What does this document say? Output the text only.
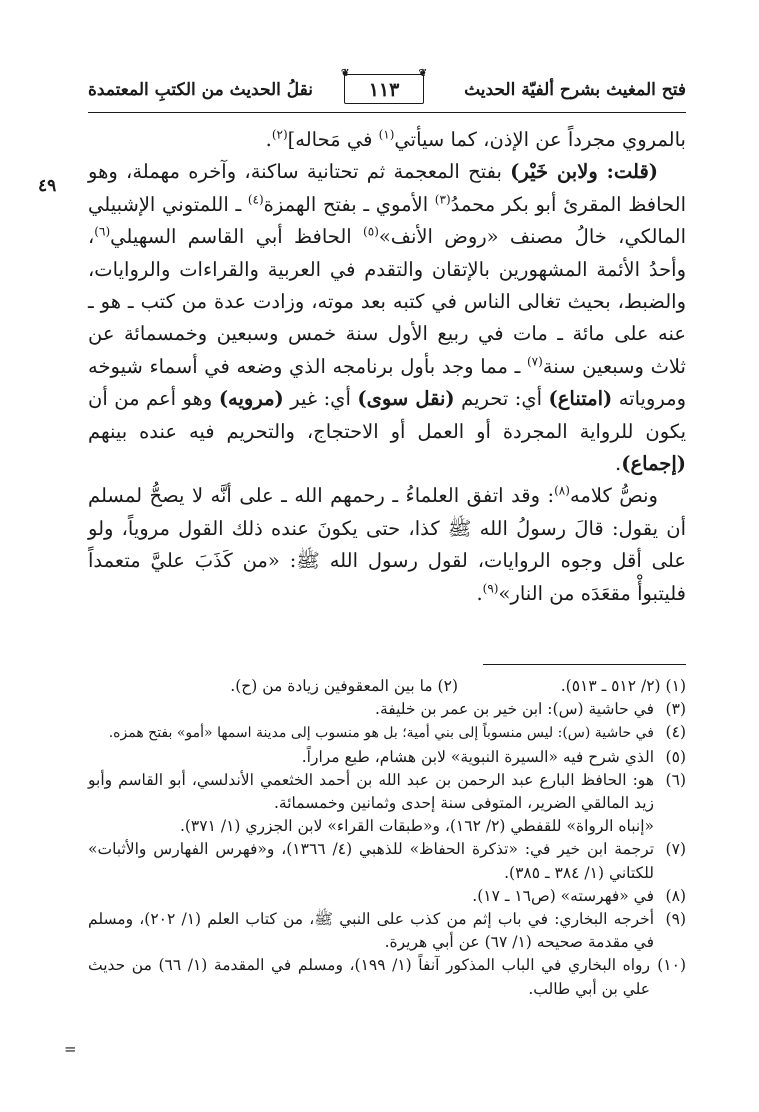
فتح المغيث بشرح ألفيّة الحديث
❦
١١٣
❦
نقلُ الحديث من الكتبِ المعتمدة
٤٩

بالمروي مجرداً عن الإذن، كما سيأتي$^{(١)}$ في مَحاله]$^{(٢)}$.

(قلت: ولابن خَيْر) بفتح المعجمة ثم تحتانية ساكنة، وآخره مهملة، وهو الحافظ المقرئ أبو بكر محمدُ$^{(٣)}$ الأموي ـ بفتح الهمزة$^{(٤)}$ ـ اللمتوني الإشبيلي المالكي، خالُ مصنف «روض الأنف»$^{(٥)}$ الحافظ أبي القاسم السهيلي$^{(٦)}$، وأحدُ الأئمة المشهورين بالإتقان والتقدم في العربية والقراءات والروايات، والضبط، بحيث تغالى الناس في كتبه بعد موته، وزادت عدة من كتب ـ هو ـ عنه على مائة ـ مات في ربيع الأول سنة خمس وسبعين وخمسمائة عن ثلاث وسبعين سنة$^{(٧)}$ ـ مما وجد بأول برنامجه الذي وضعه في أسماء شيوخه ومروياته (امتناع) أي: تحريم (نقل سوى) أي: غير (مرويه) وهو أعم من أن يكون للرواية المجردة أو العمل أو الاحتجاج، والتحريم فيه عنده بينهم (إجماع).

ونصُّ كلامه$^{(٨)}$: وقد اتفق العلماءُ ـ رحمهم الله ـ على أنَّه لا يصحُّ لمسلم أن يقول: قالَ رسولُ الله ﷺ كذا، حتى يكونَ عنده ذلك القول مروياً، ولو على أقل وجوه الروايات، لقول رسول الله ﷺ: «من كَذَبَ عليَّ متعمداً فليتبوأْ مقعَدَه من النار»$^{(٩)}$.

(١) (٢/ ٥١٢ ـ ٥١٣).
(٢) ما بين المعقوفين زيادة من (ح).
(٣)
في حاشية (س): ابن خير بن عمر بن خليفة.
(٤)
في حاشية (س): ليس منسوباً إلى بني أمية؛ بل هو منسوب إلى مدينة اسمها «أمو» بفتح همزه.
(٥)
الذي شرح فيه «السيرة النبوية» لابن هشام، طبع مراراً.
(٦)
هو: الحافظ البارع عبد الرحمن بن عبد الله بن أحمد الخثعمي الأندلسي، أبو القاسم وأبو زيد المالقي الضرير، المتوفى سنة إحدى وثمانين وخمسمائة.
«إنباه الرواة» للقفطي (٢/ ١٦٢)، و«طبقات القراء» لابن الجزري (١/ ٣٧١).
(٧)
ترجمة ابن خير في: «تذكرة الحفاظ» للذهبي (٤/ ١٣٦٦)، و«فهرس الفهارس والأثبات» للكتاني (١/ ٣٨٤ ـ ٣٨٥).
(٨)
في «فهرسته» (ص١٦ ـ ١٧).
(٩)
أخرجه البخاري: في باب إثم من كذب على النبي ﷺ، من كتاب العلم (١/ ٢٠٢)، ومسلم في مقدمة صحيحه (١/ ٦٧) عن أبي هريرة.
(١٠)
رواه البخاري في الباب المذكور آنفاً (١/ ١٩٩)، ومسلم في المقدمة (١/ ٦٦) من حديث علي بن أبي طالب.
=
